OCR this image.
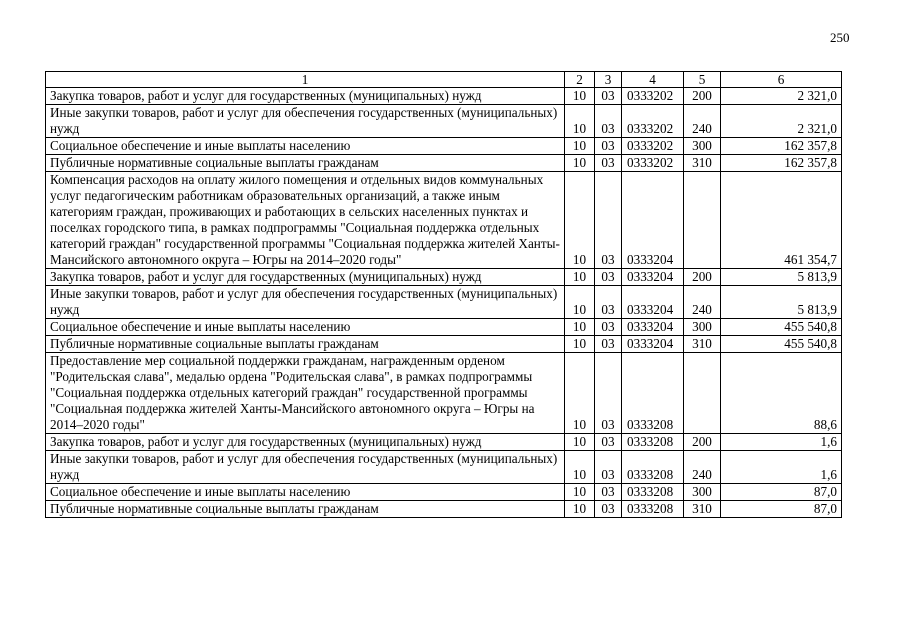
250
1	2	3	4	5	6
Закупка товаров, работ и услуг для государственных (муниципальных) нужд	10	03	0333202	200	2 321,0
Иные закупки товаров, работ и услуг для обеспечения государственных (муниципальных) нужд	10	03	0333202	240	2 321,0
Социальное обеспечение и иные выплаты населению	10	03	0333202	300	162 357,8
Публичные нормативные социальные выплаты гражданам	10	03	0333202	310	162 357,8
Компенсация расходов на оплату жилого помещения и отдельных видов коммунальных услуг педагогическим работникам образовательных организаций, а также иным категориям граждан, проживающих и работающих в сельских населенных пунктах и поселках городского типа, в рамках подпрограммы "Социальная поддержка отдельных категорий граждан" государственной программы "Социальная поддержка жителей Ханты-Мансийского автономного округа – Югры на 2014–2020 годы"	10	03	0333204		461 354,7
Закупка товаров, работ и услуг для государственных (муниципальных) нужд	10	03	0333204	200	5 813,9
Иные закупки товаров, работ и услуг для обеспечения государственных (муниципальных) нужд	10	03	0333204	240	5 813,9
Социальное обеспечение и иные выплаты населению	10	03	0333204	300	455 540,8
Публичные нормативные социальные выплаты гражданам	10	03	0333204	310	455 540,8
Предоставление мер социальной поддержки гражданам, награжденным орденом "Родительская слава", медалью ордена "Родительская слава", в рамках подпрограммы "Социальная поддержка отдельных категорий граждан" государственной программы "Социальная поддержка жителей Ханты-Мансийского автономного округа – Югры на 2014–2020 годы"	10	03	0333208		88,6
Закупка товаров, работ и услуг для государственных (муниципальных) нужд	10	03	0333208	200	1,6
Иные закупки товаров, работ и услуг для обеспечения государственных (муниципальных) нужд	10	03	0333208	240	1,6
Социальное обеспечение и иные выплаты населению	10	03	0333208	300	87,0
Публичные нормативные социальные выплаты гражданам	10	03	0333208	310	87,0
